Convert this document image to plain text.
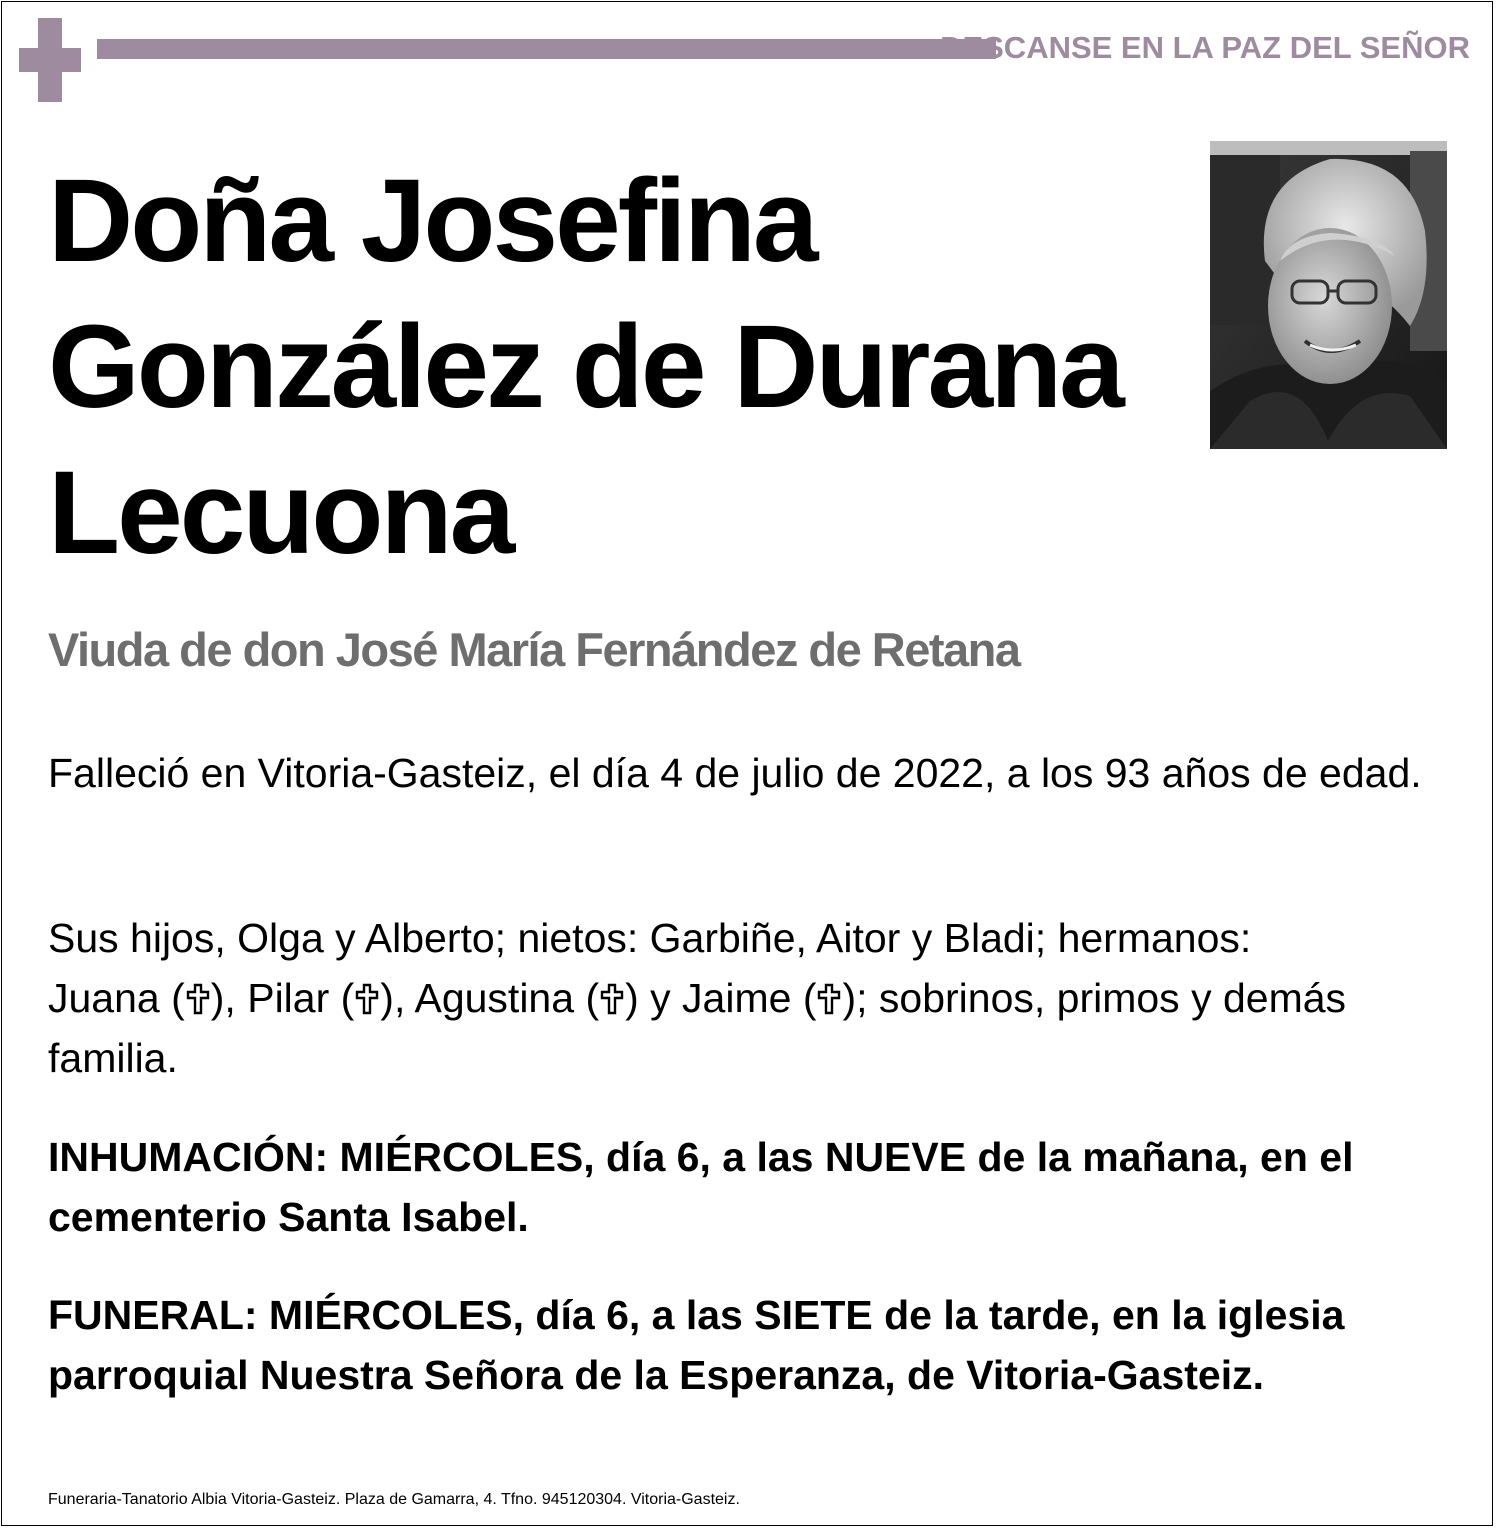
DESCANSE EN LA PAZ DEL SEÑOR
Doña Josefina
González de Durana
Lecuona
Viuda de don José María Fernández de Retana

Falleció en Vitoria-Gasteiz, el día 4 de julio de 2022, a los 93 años de edad.

Sus hijos, Olga y Alberto; nietos: Garbiñe, Aitor y Bladi; hermanos:
Juana ( ), Pilar ( ), Agustina ( ) y Jaime ( ); sobrinos, primos y demás familia.

INHUMACIÓN: MIÉRCOLES, día 6, a las NUEVE de la mañana, en el cementerio Santa Isabel.

FUNERAL: MIÉRCOLES, día 6, a las SIETE de la tarde, en la iglesia parroquial Nuestra Señora de la Esperanza, de Vitoria-Gasteiz.

Funeraria-Tanatorio Albia Vitoria-Gasteiz. Plaza de Gamarra, 4. Tfno. 945120304. Vitoria-Gasteiz.
